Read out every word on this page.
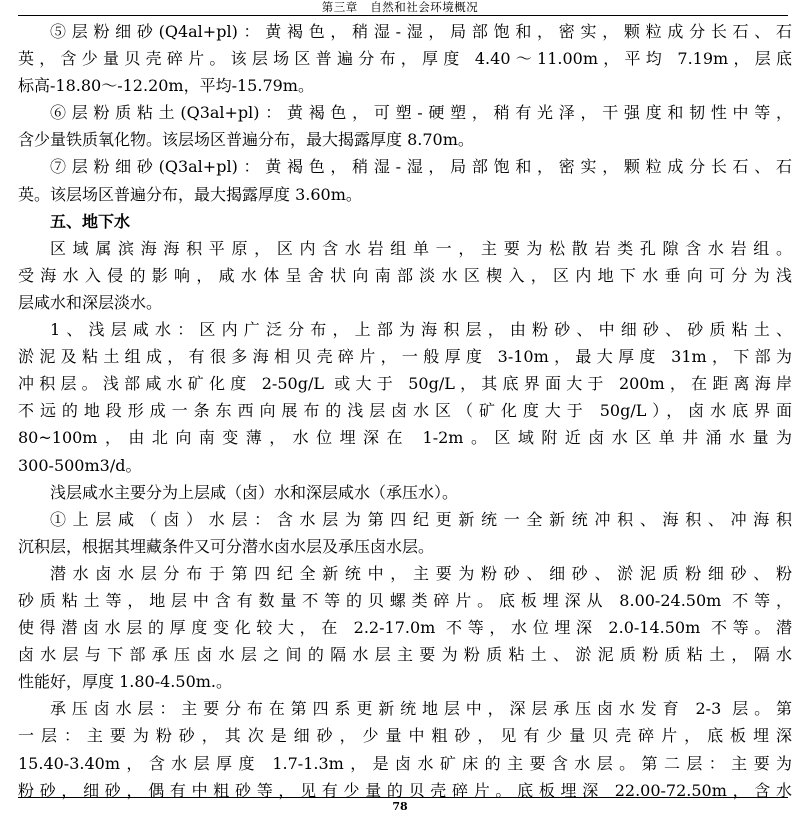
第三章 自然和社会环境概况
⑤层粉细砂(Q4al+pl)：黄褐色，稍湿-湿，局部饱和，密实，颗粒成分长石、石
英，含少量贝壳碎片。该层场区普遍分布，厚度 4.40～11.00m，平均 7.19m，层底
标高-18.80～-12.20m，平均-15.79m。
⑥层粉质粘土(Q3al+pl)：黄褐色，可塑-硬塑，稍有光泽，干强度和韧性中等，
含少量铁质氧化物。该层场区普遍分布，最大揭露厚度 8.70m。
⑦层粉细砂(Q3al+pl)：黄褐色，稍湿-湿，局部饱和，密实，颗粒成分长石、石
英。该层场区普遍分布，最大揭露厚度 3.60m。
五、地下水
区域属滨海海积平原，区内含水岩组单一，主要为松散岩类孔隙含水岩组。
受海水入侵的影响，咸水体呈舍状向南部淡水区楔入，区内地下水垂向可分为浅
层咸水和深层淡水。
1、浅层咸水：区内广泛分布，上部为海积层，由粉砂、中细砂、砂质粘土、
淤泥及粘土组成，有很多海相贝壳碎片，一般厚度 3-10m，最大厚度 31m，下部为
冲积层。浅部咸水矿化度 2-50g/L 或大于 50g/L，其底界面大于 200m，在距离海岸
不远的地段形成一条东西向展布的浅层卤水区（矿化度大于 50g/L），卤水底界面
80~100m，由北向南变薄，水位埋深在 1-2m。区域附近卤水区单井涌水量为
300-500m3/d。
浅层咸水主要分为上层咸（卤）水和深层咸水（承压水）。
①上层咸（卤）水层：含水层为第四纪更新统一全新统冲积、海积、冲海积
沉积层，根据其埋藏条件又可分潜水卤水层及承压卤水层。
潜水卤水层分布于第四纪全新统中，主要为粉砂、细砂、淤泥质粉细砂、粉
砂质粘土等，地层中含有数量不等的贝螺类碎片。底板埋深从 8.00-24.50m 不等，
使得潜卤水层的厚度变化较大，在 2.2-17.0m 不等，水位埋深 2.0-14.50m 不等。潜
卤水层与下部承压卤水层之间的隔水层主要为粉质粘土、淤泥质粉质粘土，隔水
性能好，厚度 1.80-4.50m.。
承压卤水层：主要分布在第四系更新统地层中，深层承压卤水发育 2-3 层。第
一层：主要为粉砂，其次是细砂，少量中粗砂，见有少量贝壳碎片，底板埋深
15.40-3.40m，含水层厚度 1.7-1.3m，是卤水矿床的主要含水层。第二层：主要为
粉砂，细砂，偶有中粗砂等，见有少量的贝壳碎片。底板埋深 22.00-72.50m，含水
78
